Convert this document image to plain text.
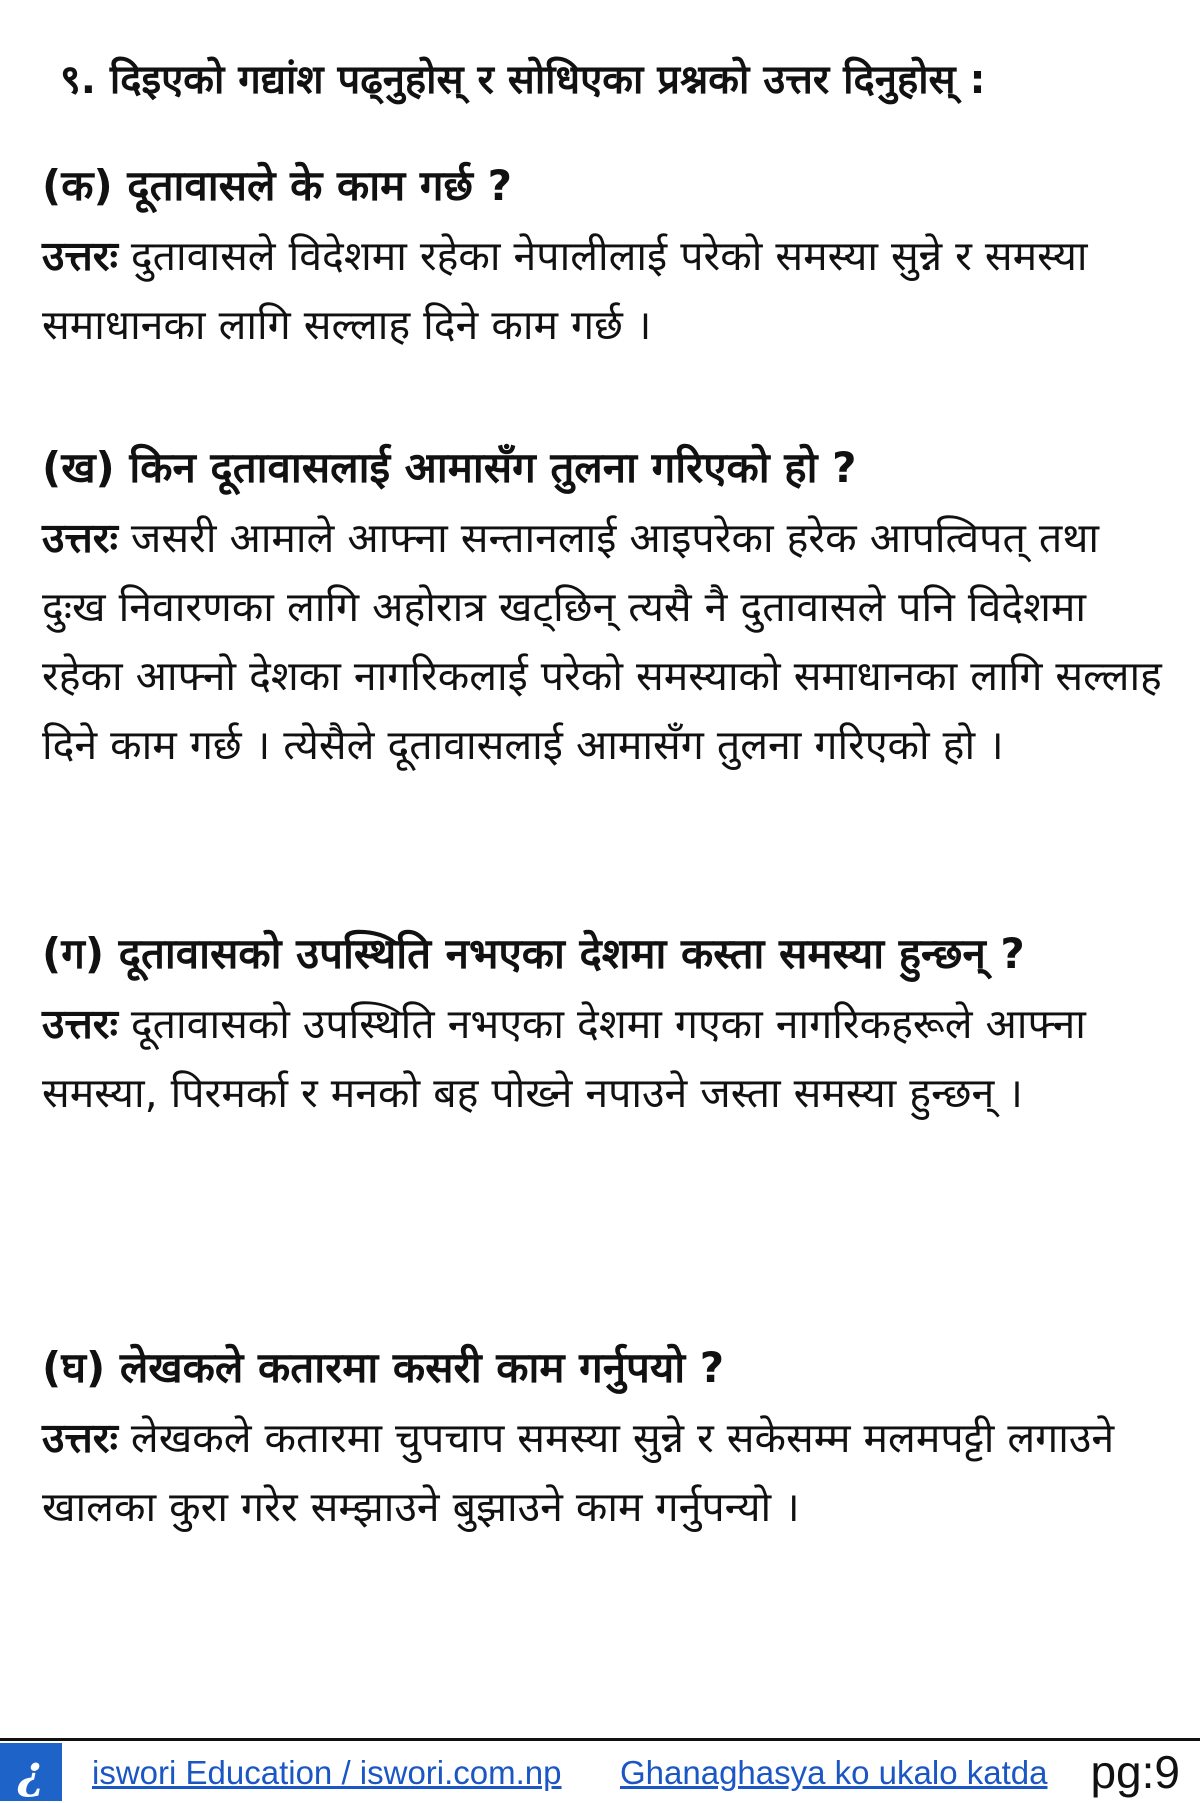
९. दिइएको गद्यांश पढ्नुहोस् र सोधिएका प्रश्नको उत्तर दिनुहोस् :

(क) दूतावासले के काम गर्छ ?

उत्तरः दुतावासले विदेशमा रहेका नेपालीलाई परेको समस्या सुन्ने र समस्या समाधानका लागि सल्लाह दिने काम गर्छ ।

(ख) किन दूतावासलाई आमासँग तुलना गरिएको हो ?

उत्तरः जसरी आमाले आफ्ना सन्तानलाई आइपरेका हरेक आपत्विपत् तथा दुःख निवारणका लागि अहोरात्र खट्छिन् त्यसै नै दुतावासले पनि विदेशमा रहेका आफ्नो देशका नागरिकलाई परेको समस्याको समाधानका लागि सल्लाह दिने काम गर्छ । त्येसैले दूतावासलाई आमासँग तुलना गरिएको हो ।

(ग) दूतावासको उपस्थिति नभएका देशमा कस्ता समस्या हुन्छन् ?

उत्तरः दूतावासको उपस्थिति नभएका देशमा गएका नागरिकहरूले आफ्ना समस्या, पिरमर्का र मनको बह पोख्ने नपाउने जस्ता समस्या हुन्छन् ।

(घ) लेखकले कतारमा कसरी काम गर्नुपयो ?

उत्तरः लेखकले कतारमा चुपचाप समस्या सुन्ने र सकेसम्म मलमपट्टी लगाउने खालका कुरा गरेर सम्झाउने बुझाउने काम गर्नुपन्यो ।

¿	iswori Education / iswori.com.np Ghanaghasya ko ukalo katda pg:9
